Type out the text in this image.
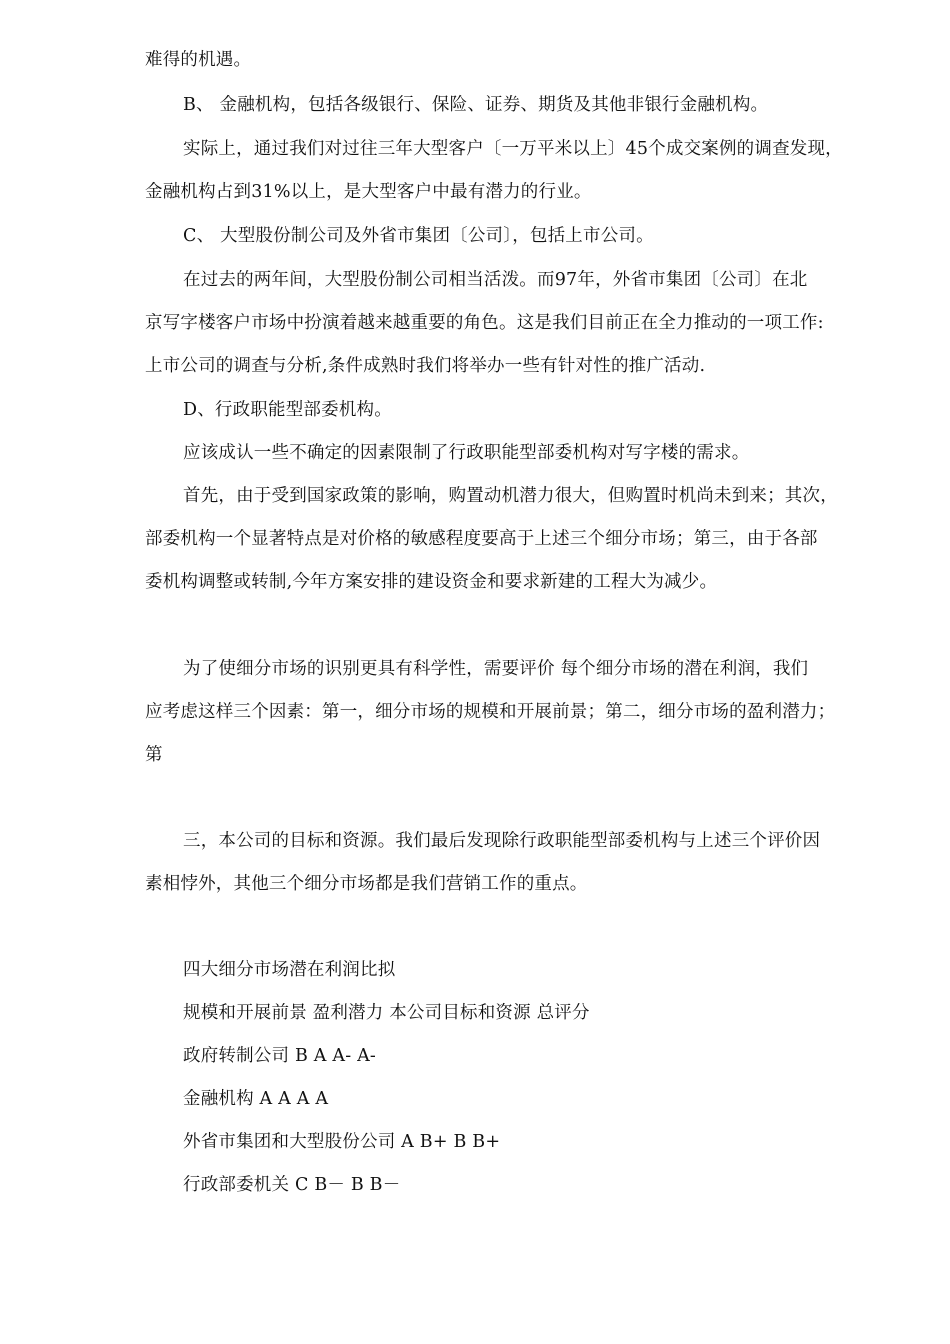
难得的机遇。
B、 金融机构，包括各级银行、保险、证券、期货及其他非银行金融机构。
实际上，通过我们对过往三年大型客户〔一万平米以上〕45个成交案例的调查发现，
金融机构占到31%以上，是大型客户中最有潜力的行业。
C、 大型股份制公司及外省市集团〔公司〕，包括上市公司。
在过去的两年间，大型股份制公司相当活泼。而97年，外省市集团〔公司〕在北
京写字楼客户市场中扮演着越来越重要的角色。这是我们目前正在全力推动的一项工作:
上市公司的调查与分析,条件成熟时我们将举办一些有针对性的推广活动.
D、行政职能型部委机构。
应该成认一些不确定的因素限制了行政职能型部委机构对写字楼的需求。
首先，由于受到国家政策的影响，购置动机潜力很大，但购置时机尚未到来；其次，
部委机构一个显著特点是对价格的敏感程度要高于上述三个细分市场；第三，由于各部
委机构调整或转制,今年方案安排的建设资金和要求新建的工程大为减少。
为了使细分市场的识别更具有科学性，需要评价 每个细分市场的潜在利润，我们
应考虑这样三个因素：第一，细分市场的规模和开展前景；第二，细分市场的盈利潜力；
第
三，本公司的目标和资源。我们最后发现除行政职能型部委机构与上述三个评价因
素相悖外，其他三个细分市场都是我们营销工作的重点。
四大细分市场潜在利润比拟
规模和开展前景 盈利潜力 本公司目标和资源 总评分
政府转制公司 B A A- A-
金融机构 A A A A
外省市集团和大型股份公司 A B+ B B+
行政部委机关 C B－ B B－
